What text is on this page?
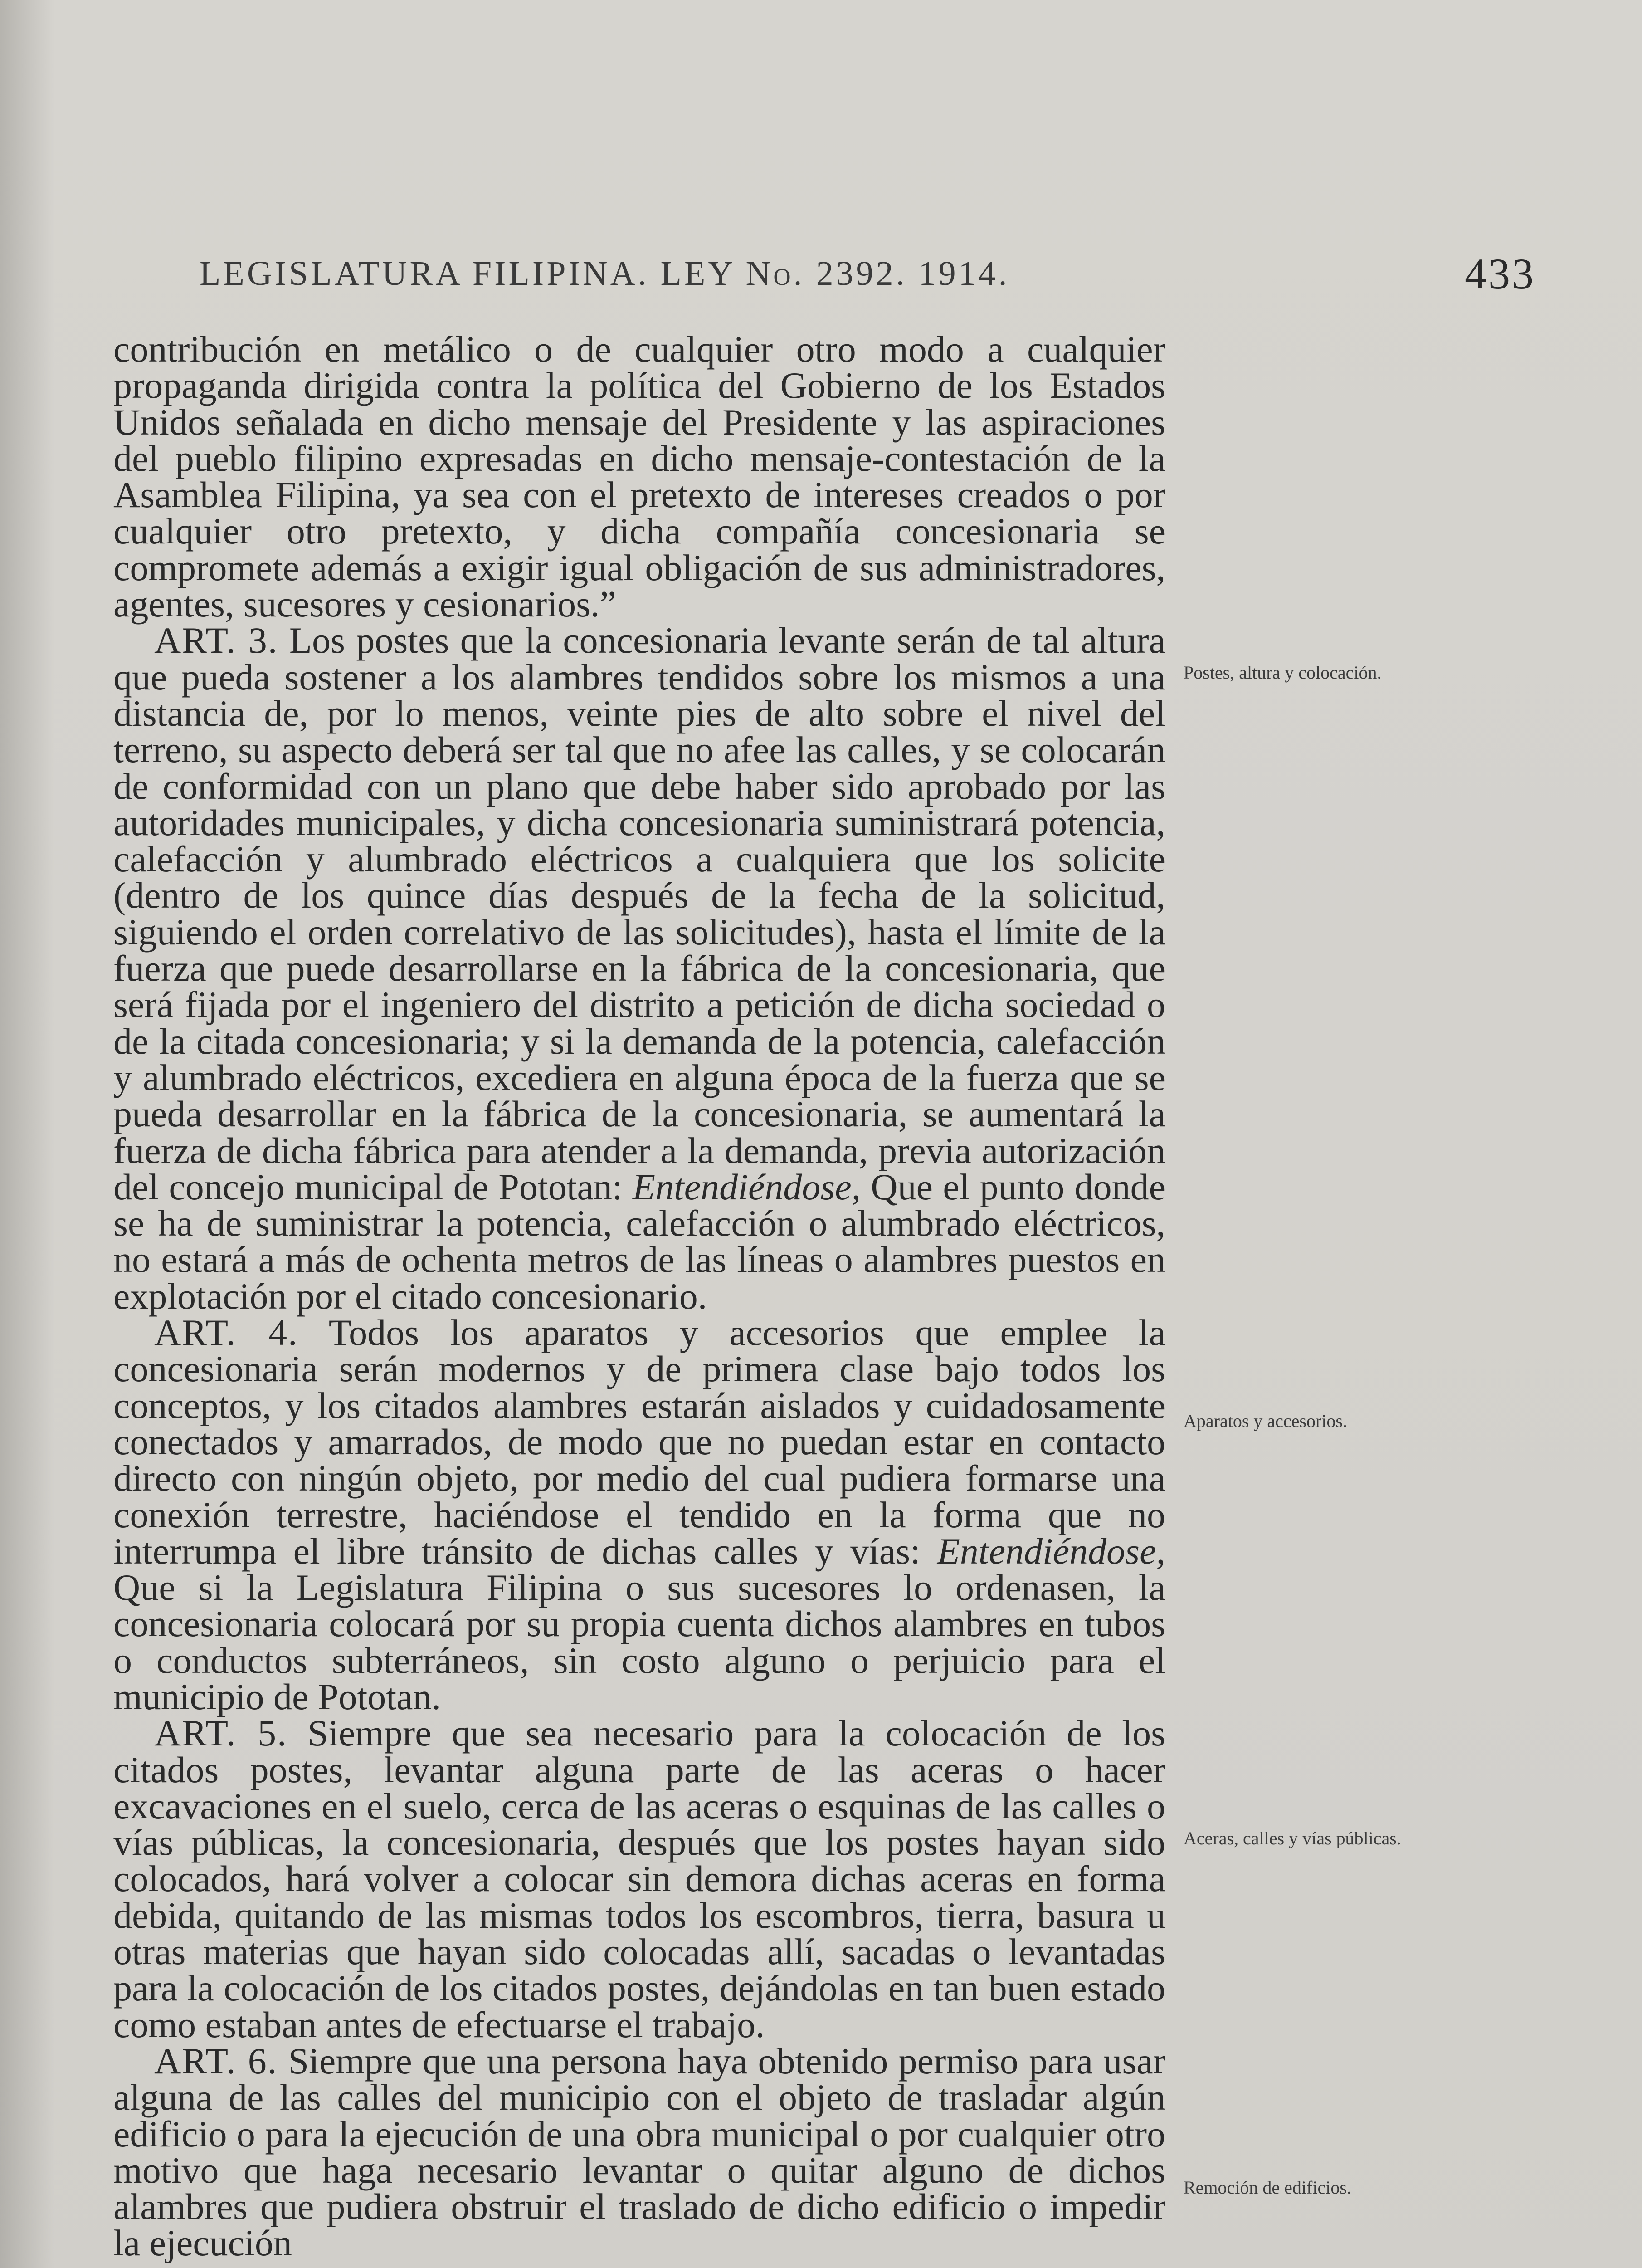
LEGISLATURA FILIPINA. LEY No. 2392. 1914.	433

contribución en metálico o de cualquier otro modo a cualquier propaganda dirigida contra la política del Gobierno de los Estados Unidos señalada en dicho mensaje del Presidente y las aspiraciones del pueblo filipino expresadas en dicho mensaje-contestación de la Asamblea Filipina, ya sea con el pretexto de intereses creados o por cualquier otro pretexto, y dicha compañía concesionaria se compromete además a exigir igual obligación de sus administradores, agentes, sucesores y cesionarios.”

ART. 3. Los postes que la concesionaria levante serán de tal altura que pueda sostener a los alambres tendidos sobre los mismos a una distancia de, por lo menos, veinte pies de alto sobre el nivel del terreno, su aspecto deberá ser tal que no afee las calles, y se colocarán de conformidad con un plano que debe haber sido aprobado por las autoridades municipales, y dicha concesionaria suministrará potencia, calefacción y alumbrado eléctricos a cualquiera que los solicite (dentro de los quince días después de la fecha de la solicitud, siguiendo el orden correlativo de las solicitudes), hasta el límite de la fuerza que puede desarrollarse en la fábrica de la concesionaria, que será fijada por el ingeniero del distrito a petición de dicha sociedad o de la citada concesionaria; y si la demanda de la potencia, calefacción y alumbrado eléctricos, excediera en alguna época de la fuerza que se pueda desarrollar en la fábrica de la concesionaria, se aumentará la fuerza de dicha fábrica para atender a la demanda, previa autorización del concejo municipal de Pototan: Entendiéndose, Que el punto donde se ha de suministrar la potencia, calefacción o alumbrado eléctricos, no estará a más de ochenta metros de las líneas o alambres puestos en explotación por el citado concesionario.

ART. 4. Todos los aparatos y accesorios que emplee la concesionaria serán modernos y de primera clase bajo todos los conceptos, y los citados alambres estarán aislados y cuidadosamente conectados y amarrados, de modo que no puedan estar en contacto directo con ningún objeto, por medio del cual pudiera formarse una conexión terrestre, haciéndose el tendido en la forma que no interrumpa el libre tránsito de dichas calles y vías: Entendiéndose, Que si la Legislatura Filipina o sus sucesores lo ordenasen, la concesionaria colocará por su propia cuenta dichos alambres en tubos o conductos subterráneos, sin costo alguno o perjuicio para el municipio de Pototan.

ART. 5. Siempre que sea necesario para la colocación de los citados postes, levantar alguna parte de las aceras o hacer excavaciones en el suelo, cerca de las aceras o esquinas de las calles o vías públicas, la concesionaria, después que los postes hayan sido colocados, hará volver a colocar sin demora dichas aceras en forma debida, quitando de las mismas todos los escombros, tierra, basura u otras materias que hayan sido colocadas allí, sacadas o levantadas para la colocación de los citados postes, dejándolas en tan buen estado como estaban antes de efectuarse el trabajo.

ART. 6. Siempre que una persona haya obtenido permiso para usar alguna de las calles del municipio con el objeto de trasladar algún edificio o para la ejecución de una obra municipal o por cualquier otro motivo que haga necesario levantar o quitar alguno de dichos alambres que pudiera obstruir el traslado de dicho edificio o impedir la ejecución

Postes, altura y colocación.
Aparatos y accesorios.
Aceras, calles y vías públicas.
Remoción de edificios.
